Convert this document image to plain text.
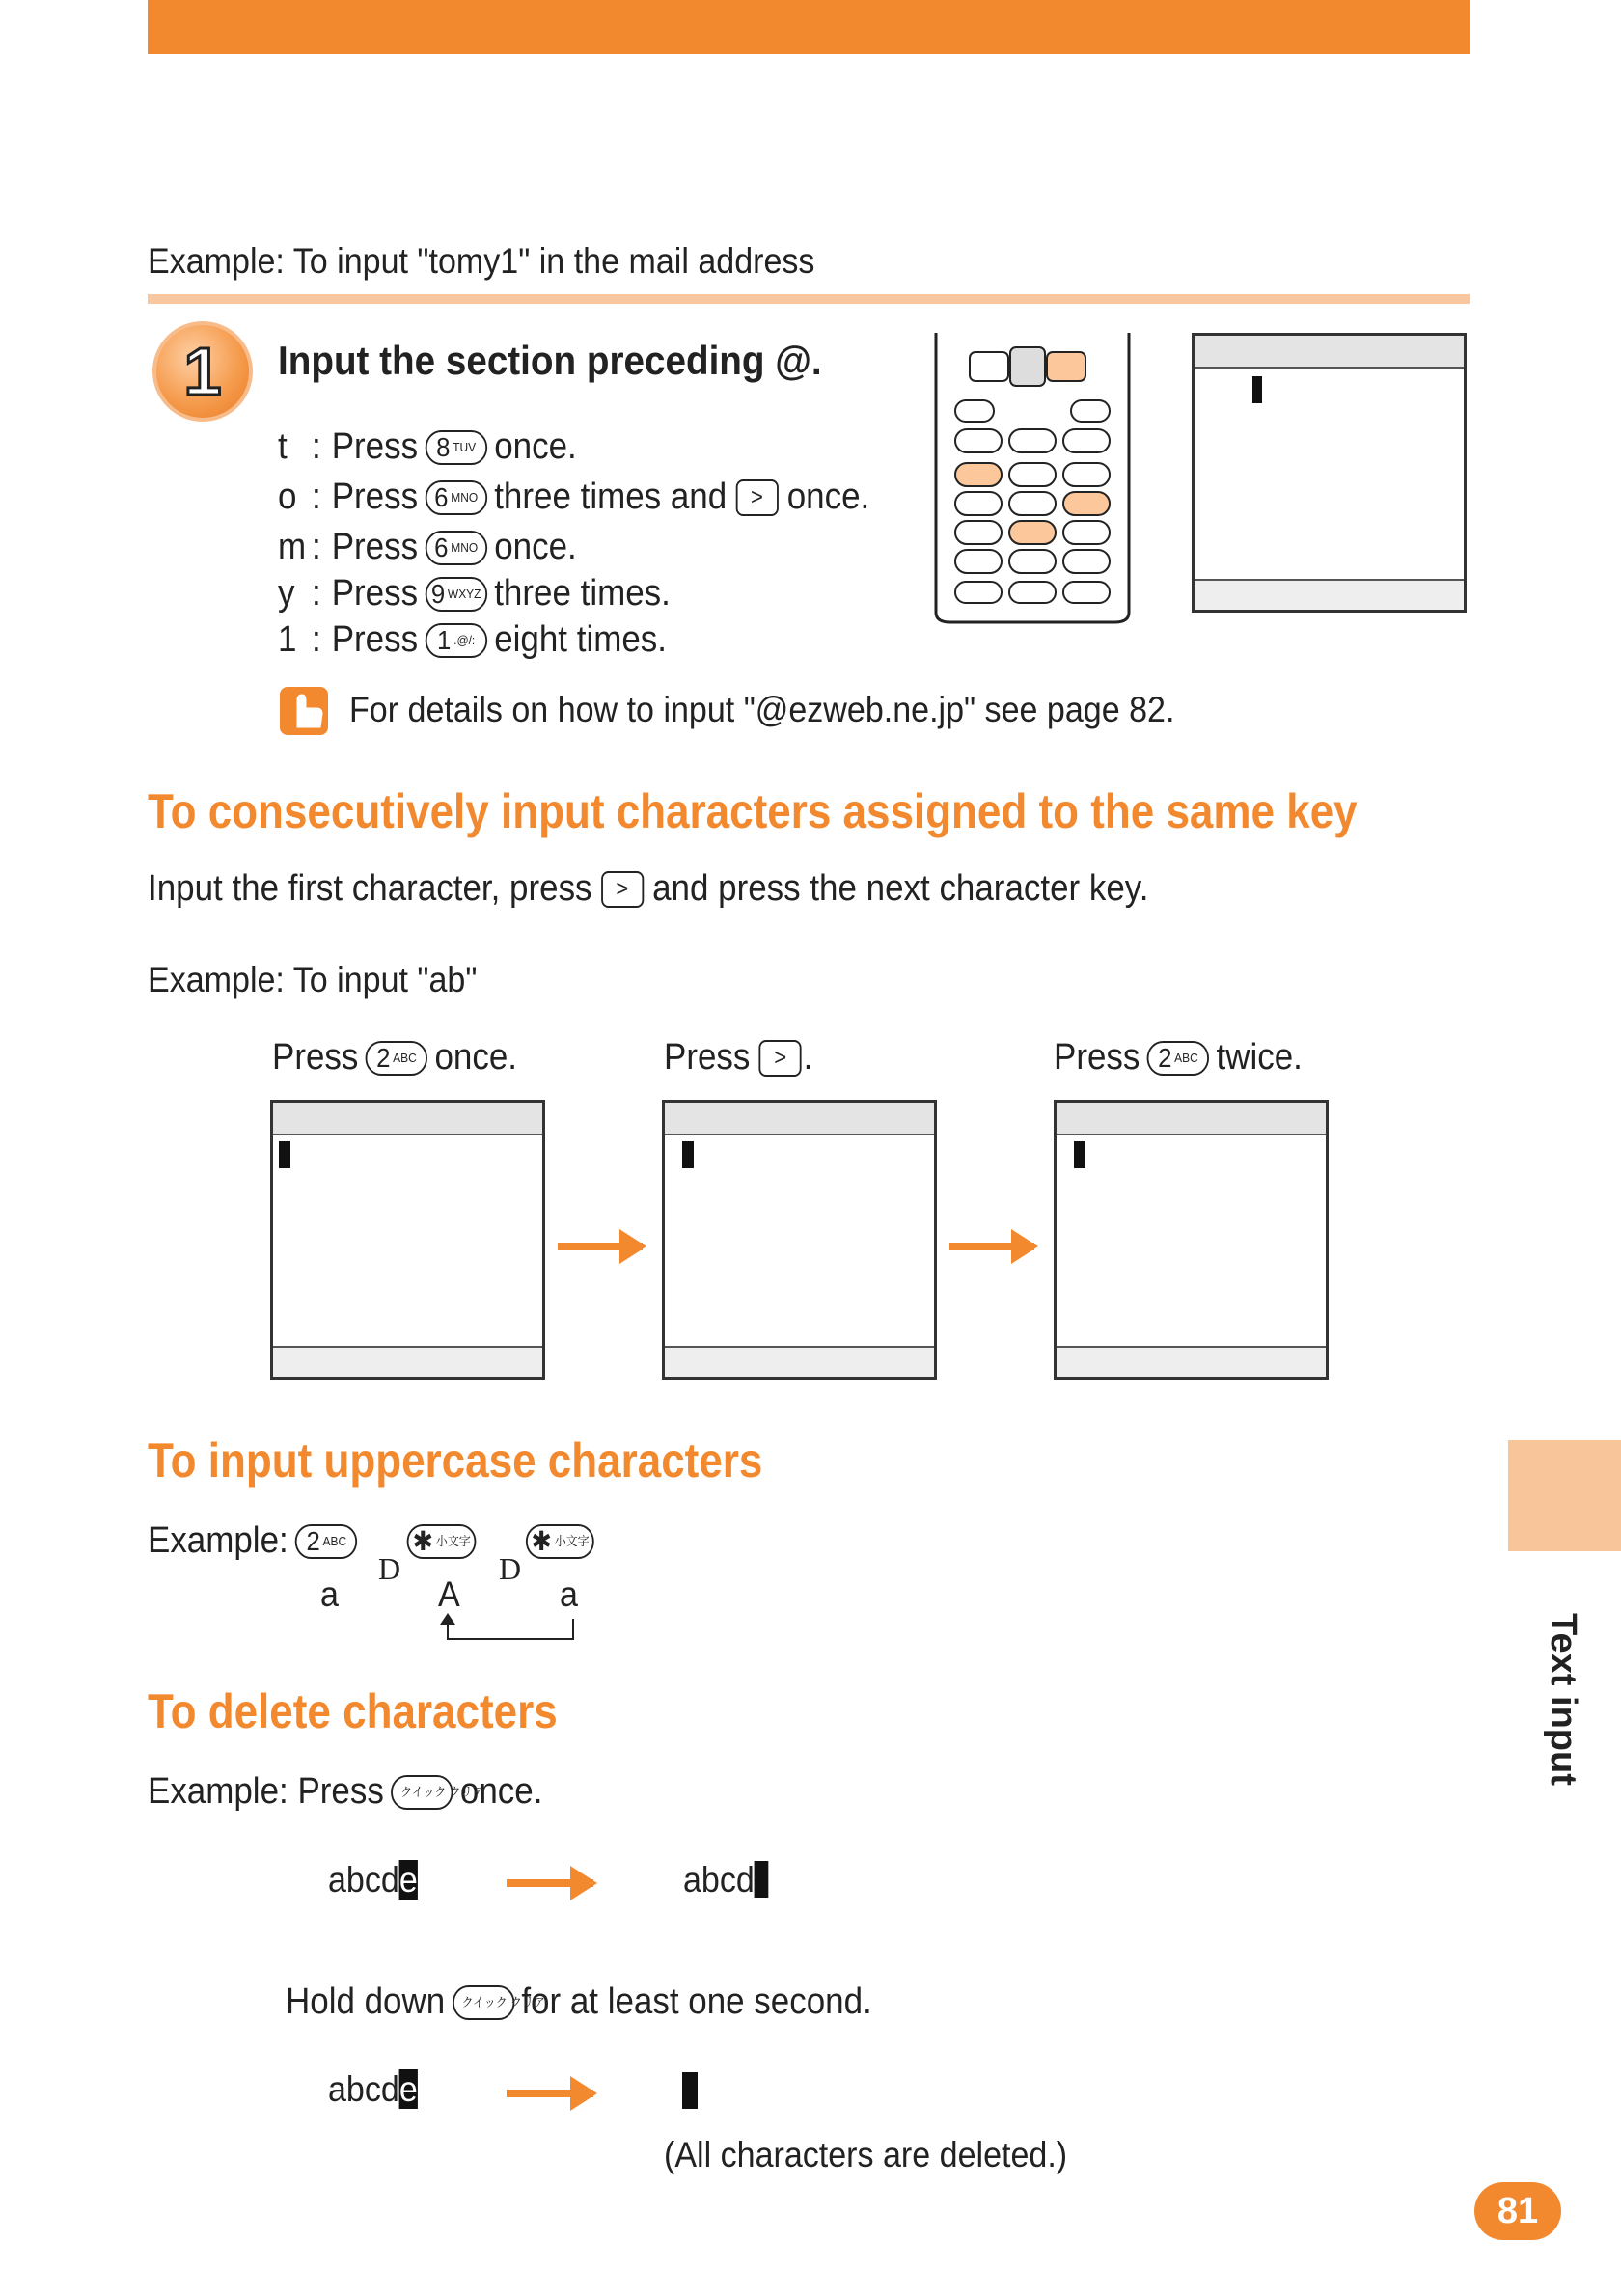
Example: To input "tomy1" in the mail address
1 Input the section preceding @.
t : Press 8 TUV once.
o : Press 6 MNO three times and	> once.
m : Press 6 MNO once.
y : Press 9 WXYZ three times.
1 : Press 1 .@/: eight times.
For details on how to input "@ezweb.ne.jp" see page 82.
To consecutively input characters assigned to the same key
Input the first character, press	> and press the next character key.
Example: To input "ab"
Press 2 ABC once.	Press	> .	Press 2 ABC twice.
To input uppercase characters
Example: 2 ABC ✱ 小文字 ✱ 小文字
D	D
a	A	a
To delete characters
Example: Press クイック クリア
once.
abcde	abcd
Hold down クイック クリア
for at least one second.
abcde
(All characters are deleted.)
Text input
81
